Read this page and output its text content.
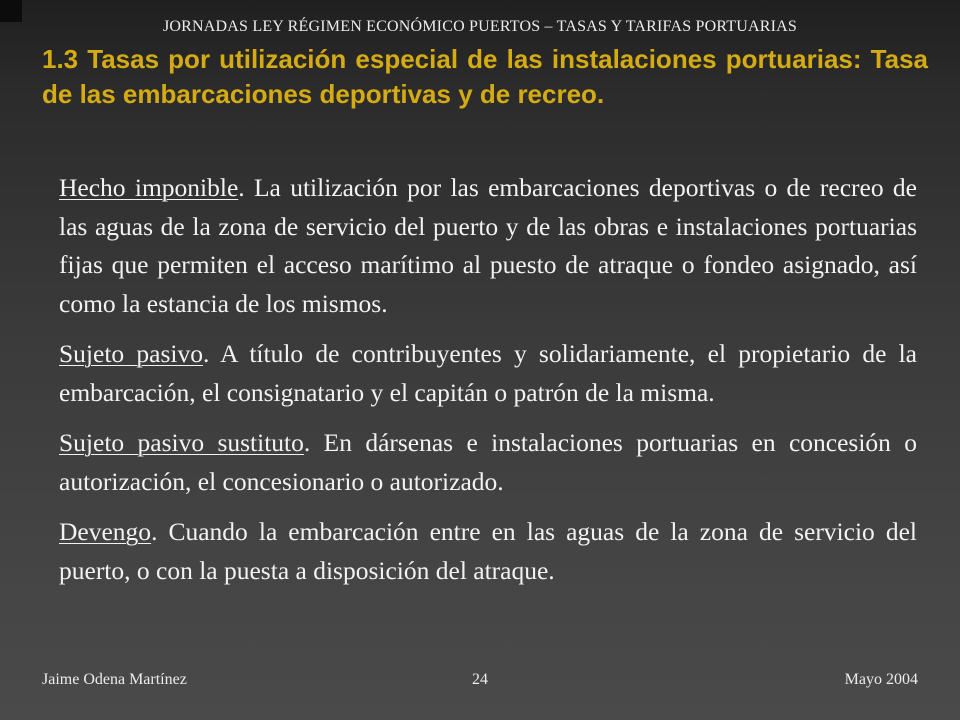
JORNADAS LEY RÉGIMEN ECONÓMICO PUERTOS – TASAS Y TARIFAS PORTUARIAS
1.3 Tasas por utilización especial de las instalaciones portuarias: Tasa de las embarcaciones deportivas y de recreo.

Hecho imponible. La utilización por las embarcaciones deportivas o de recreo de las aguas de la zona de servicio del puerto y de las obras e instalaciones portuarias fijas que permiten el acceso marítimo al puesto de atraque o fondeo asignado, así como la estancia de los mismos.

Sujeto pasivo. A título de contribuyentes y solidariamente, el propietario de la embarcación, el consignatario y el capitán o patrón de la misma.

Sujeto pasivo sustituto. En dársenas e instalaciones portuarias en concesión o autorización, el concesionario o autorizado.

Devengo. Cuando la embarcación entre en las aguas de la zona de servicio del puerto, o con la puesta a disposición del atraque.

Jaime Odena Martínez	24	Mayo 2004
